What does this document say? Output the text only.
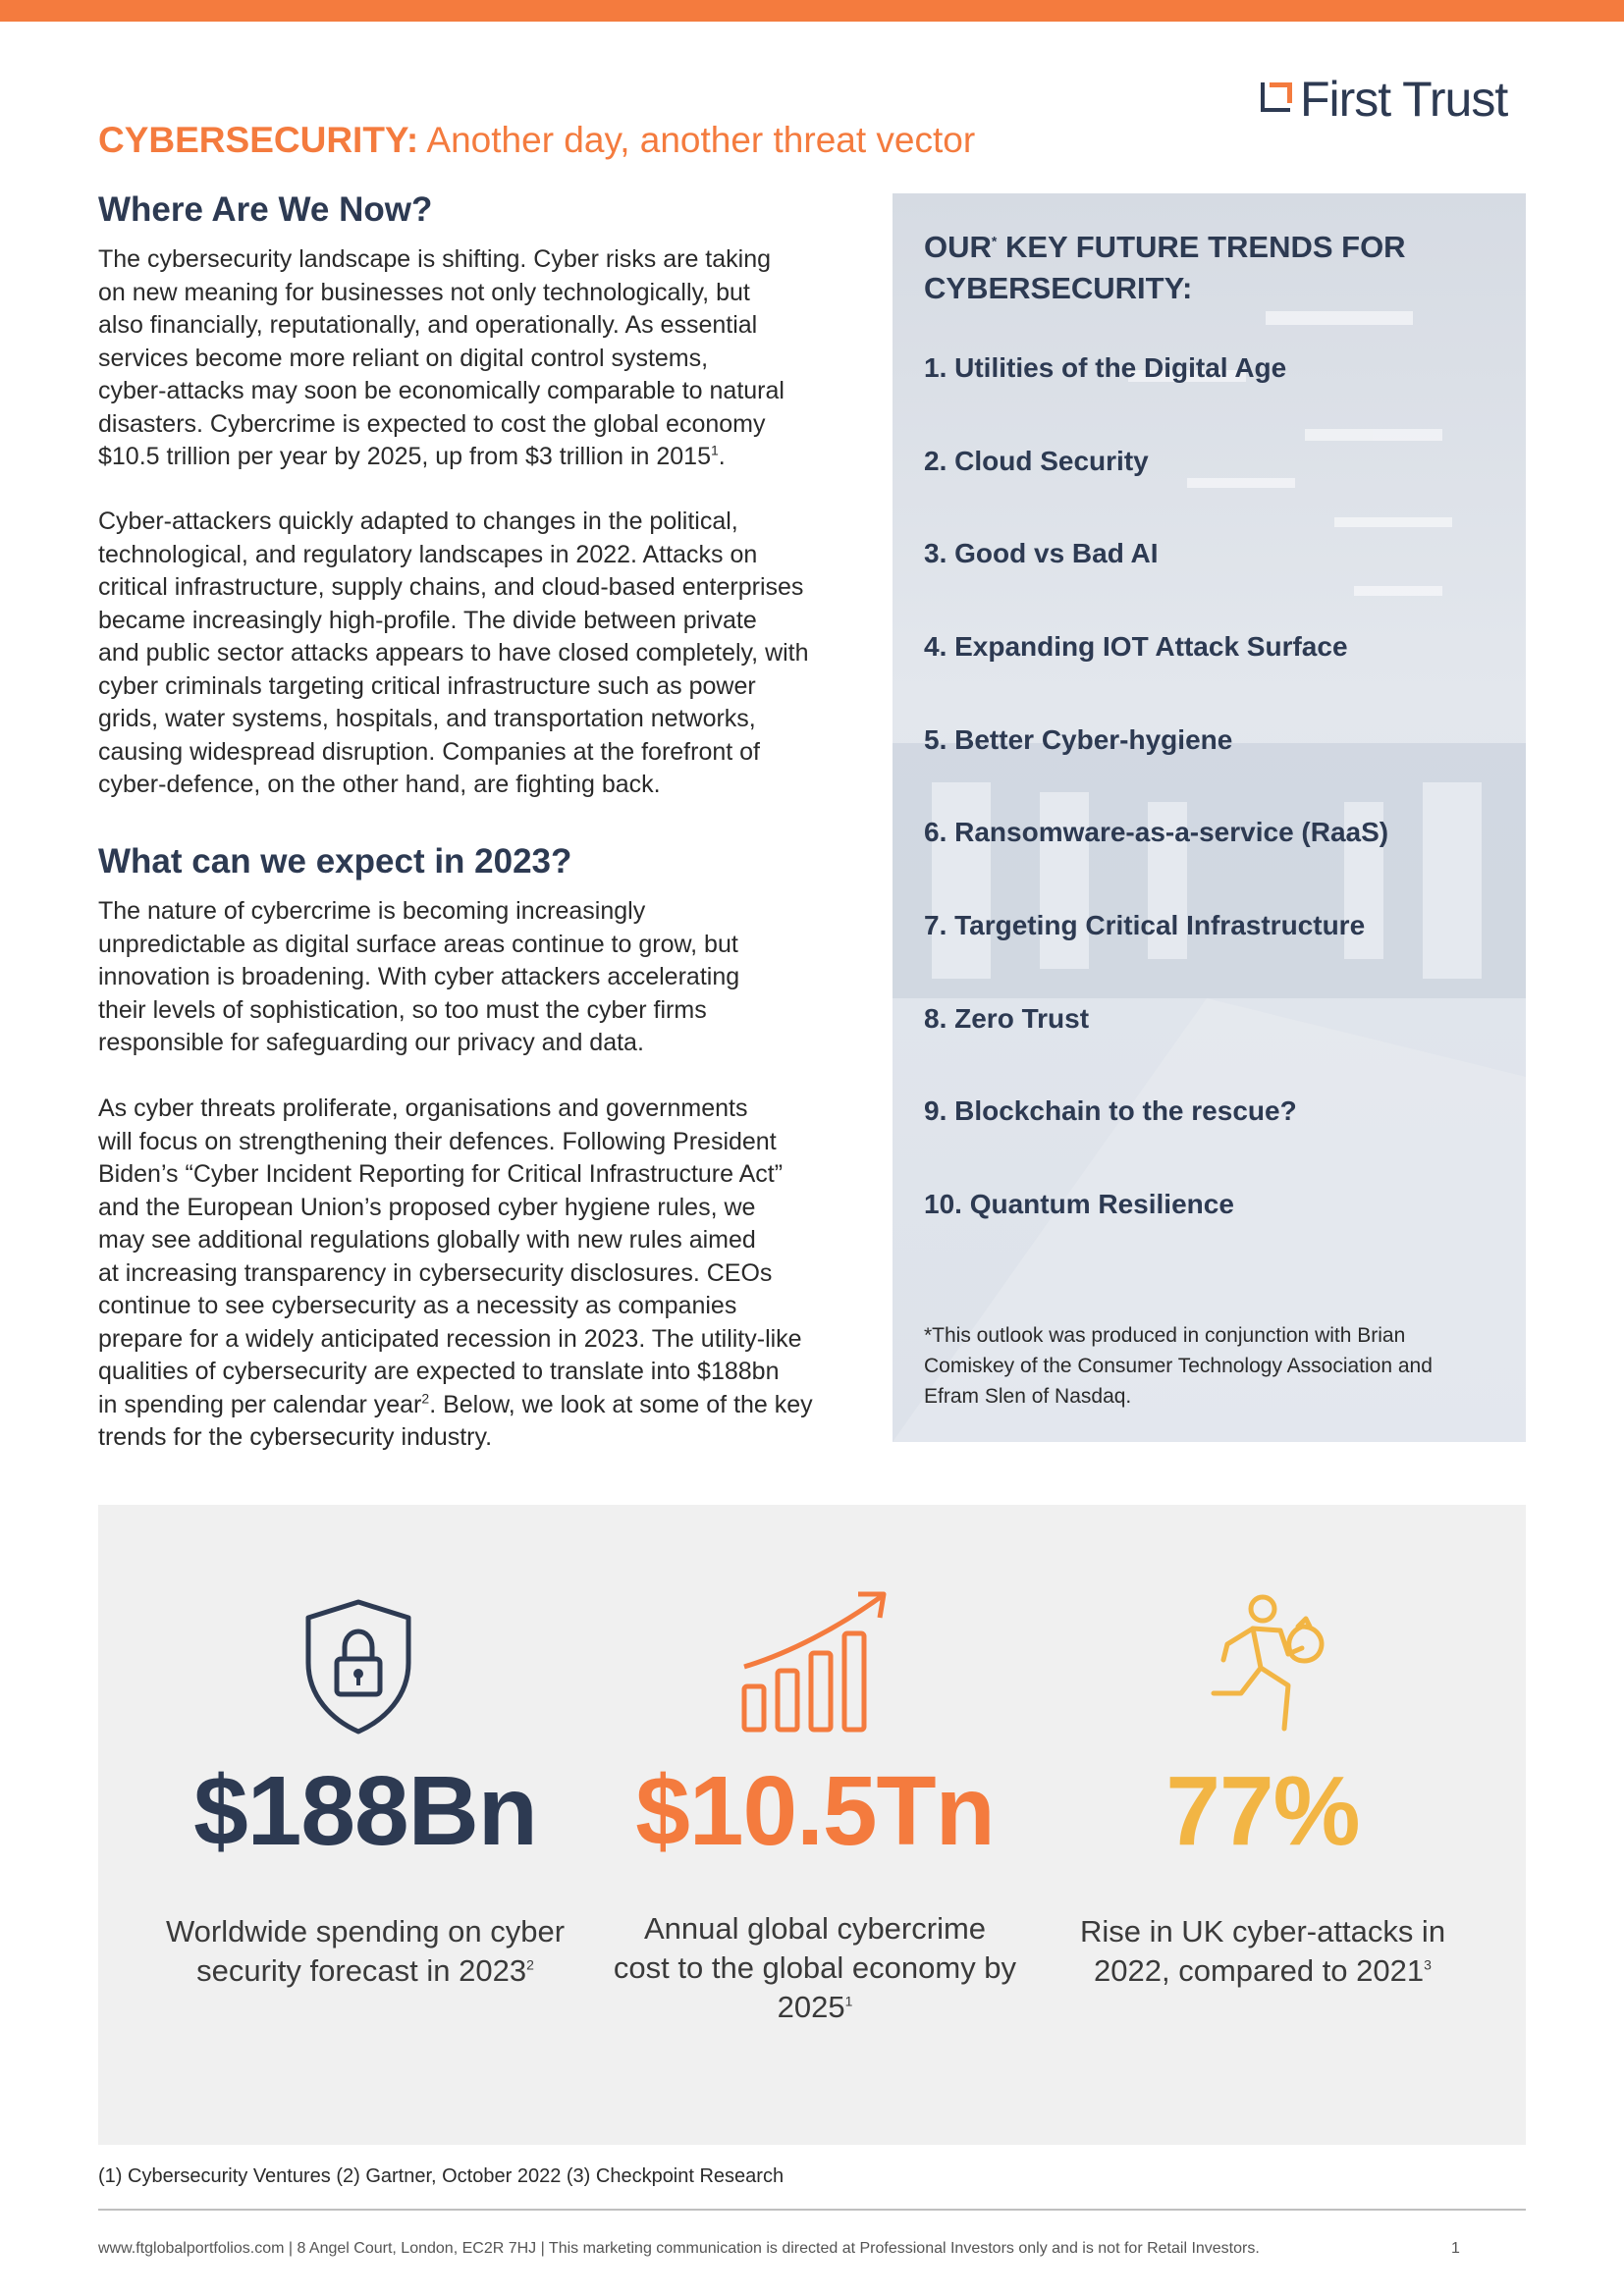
First Trust
CYBERSECURITY: Another day, another threat vector
Where Are We Now?
The cybersecurity landscape is shifting. Cyber risks are taking
on new meaning for businesses not only technologically, but
also financially, reputationally, and operationally. As essential
services become more reliant on digital control systems,
cyber-attacks may soon be economically comparable to natural
disasters. Cybercrime is expected to cost the global economy
$10.5 trillion per year by 2025, up from $3 trillion in 2015$^1$.
Cyber-attackers quickly adapted to changes in the political,
technological, and regulatory landscapes in 2022. Attacks on
critical infrastructure, supply chains, and cloud-based enterprises
became increasingly high-profile. The divide between private
and public sector attacks appears to have closed completely, with
cyber criminals targeting critical infrastructure such as power
grids, water systems, hospitals, and transportation networks,
causing widespread disruption. Companies at the forefront of
cyber-defence, on the other hand, are fighting back.
What can we expect in 2023?
The nature of cybercrime is becoming increasingly
unpredictable as digital surface areas continue to grow, but
innovation is broadening. With cyber attackers accelerating
their levels of sophistication, so too must the cyber firms
responsible for safeguarding our privacy and data.
As cyber threats proliferate, organisations and governments
will focus on strengthening their defences. Following President
Biden’s “Cyber Incident Reporting for Critical Infrastructure Act”
and the European Union’s proposed cyber hygiene rules, we
may see additional regulations globally with new rules aimed
at increasing transparency in cybersecurity disclosures. CEOs
continue to see cybersecurity as a necessity as companies
prepare for a widely anticipated recession in 2023. The utility-like
qualities of cybersecurity are expected to translate into $188bn
in spending per calendar year$^2$. Below, we look at some of the key
trends for the cybersecurity industry.
OUR* KEY FUTURE TRENDS FOR
CYBERSECURITY:
1. Utilities of the Digital Age
2. Cloud Security
3. Good vs Bad AI
4. Expanding IOT Attack Surface
5. Better Cyber-hygiene
6. Ransomware-as-a-service (RaaS)
7. Targeting Critical Infrastructure
8. Zero Trust
9. Blockchain to the rescue?
10. Quantum Resilience
*This outlook was produced in conjunction with Brian
Comiskey of the Consumer Technology Association and
Efram Slen of Nasdaq.
$188Bn	$10.5Tn	77%
Worldwide spending on cyber
security forecast in 2023$^2$
Annual global cybercrime
cost to the global economy by
2025$^1$
Rise in UK cyber-attacks in
2022, compared to 2021$^3$
(1) Cybersecurity Ventures (2) Gartner, October 2022 (3) Checkpoint Research
www.ftglobalportfolios.com | 8 Angel Court, London, EC2R 7HJ | This marketing communication is directed at Professional Investors only and is not for Retail Investors.	1
